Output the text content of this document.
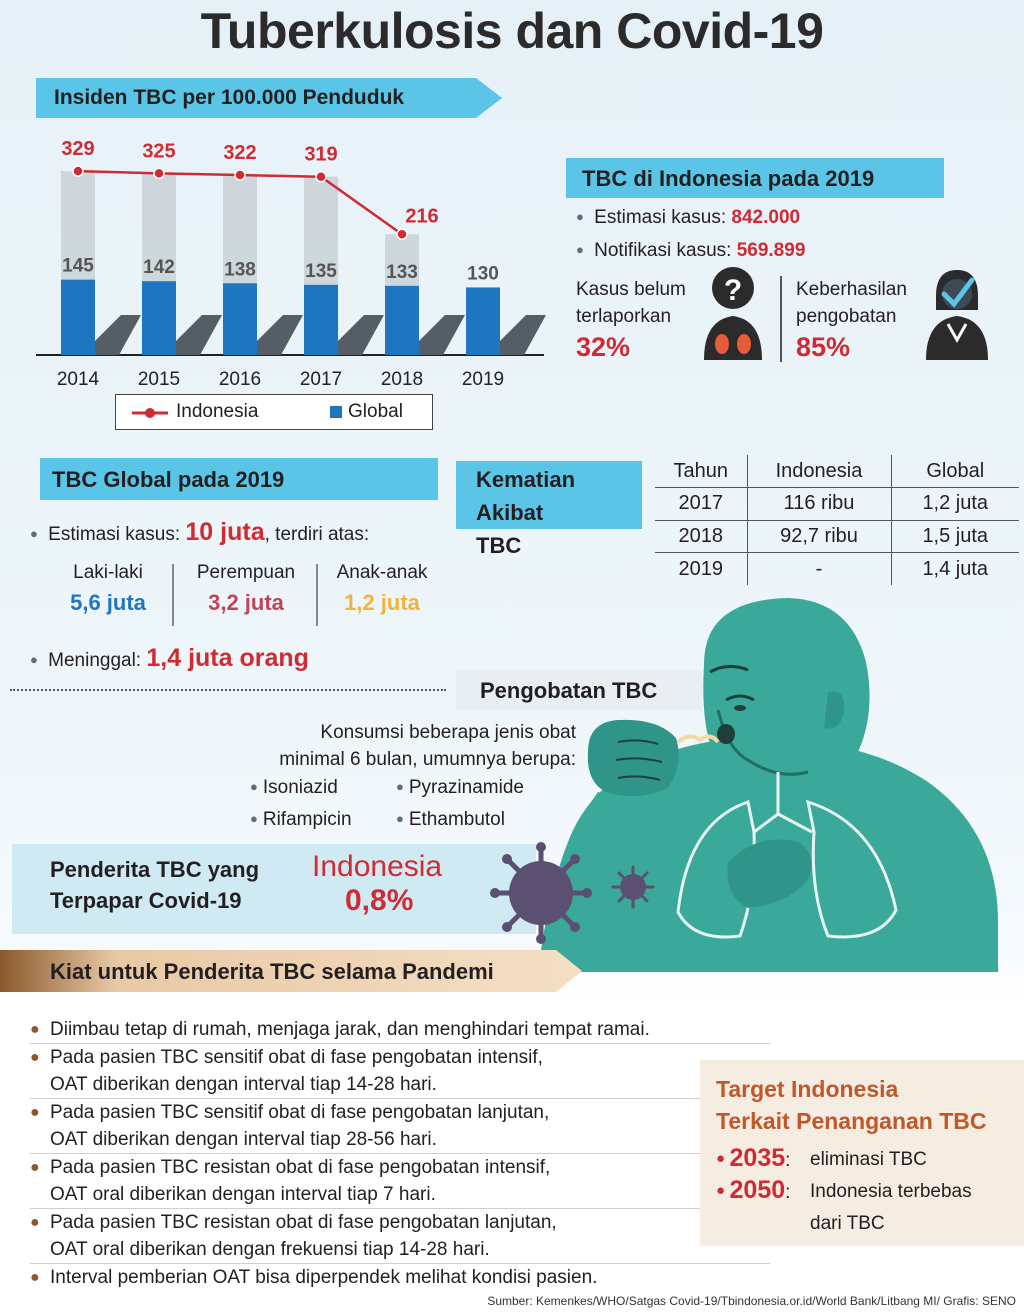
Tuberkulosis dan Covid-19
Insiden TBC per 100.000 Penduduk
145
2014
142
2015
138
2016
135
2017
133
2018
130
2019
329 325 322 319
216
Indonesia	Global
TBC di Indonesia pada 2019
● Estimasi kasus: 842.000
● Notifikasi kasus: 569.899
Kasus belum
terlaporkan
32%
?	Keberhasilan
pengobatan
85%
TBC Global pada 2019
● Estimasi kasus: 10 juta, terdiri atas:
Laki-laki
5,6 juta
Perempuan
3,2 juta
Anak-anak
1,2 juta
● Meninggal: 1,4 juta orang
Kematian
Akibat
TBC
Tahun	Indonesia	Global
2017	116 ribu	1,2 juta
2018	92,7 ribu	1,5 juta
2019	-	1,4 juta
Pengobatan TBC
Konsumsi beberapa jenis obat
minimal 6 bulan, umumnya berupa:
● Isoniazid	● Pyrazinamide
● Rifampicin	● Ethambutol
Penderita TBC yang
Terpapar Covid-19
Indonesia
0,8%
Kiat untuk Penderita TBC selama Pandemi
● Diimbau tetap di rumah, menjaga jarak, dan menghindari tempat ramai.
● Pada pasien TBC sensitif obat di fase pengobatan intensif,
OAT diberikan dengan interval tiap 14-28 hari.
● Pada pasien TBC sensitif obat di fase pengobatan lanjutan,
OAT diberikan dengan interval tiap 28-56 hari.
● Pada pasien TBC resistan obat di fase pengobatan intensif,
OAT oral diberikan dengan interval tiap 7 hari.
● Pada pasien TBC resistan obat di fase pengobatan lanjutan,
OAT oral diberikan dengan frekuensi tiap 14-28 hari.
● Interval pemberian OAT bisa diperpendek melihat kondisi pasien.
Target Indonesia
Terkait Penanganan TBC
● 2035: eliminasi TBC
● 2050: Indonesia terbebas
dari TBC
Sumber: Kemenkes/WHO/Satgas Covid-19/Tbindonesia.or.id/World Bank/Litbang MI/ Grafis: SENO
